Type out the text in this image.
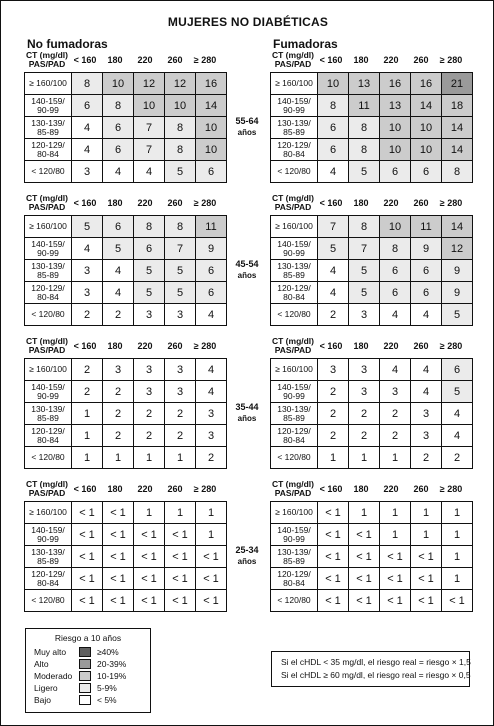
MUJERES NO DIABÉTICAS
No fumadoras	Fumadoras
CT (mg/dl)
PAS/PAD < 160	180	220	260	≥ 280
≥ 160/100	8	10	12	12	16

140-159/
90-99	6	8	10	10	14

130-139/
85-89	4	6	7	8	10

120-129/
80-84	4	6	7	8	10

< 120/80	3	4	4	5	6
CT (mg/dl)
PAS/PAD < 160	180	220	260	≥ 280
≥ 160/100	10	13	16	16	21

140-159/
90-99	8	11	13	14	18

130-139/
85-89	6	8	10	10	14

120-129/
80-84	6	8	10	10	14

< 120/80	4	5	6	6	8
55-64
años
CT (mg/dl)
PAS/PAD < 160	180	220	260	≥ 280
≥ 160/100	5	6	8	8	11

140-159/
90-99	4	5	6	7	9

130-139/
85-89	3	4	5	5	6

120-129/
80-84	3	4	5	5	6

< 120/80	2	2	3	3	4
CT (mg/dl)
PAS/PAD < 160	180	220	260	≥ 280
≥ 160/100	7	8	10	11	14

140-159/
90-99	5	7	8	9	12

130-139/
85-89	4	5	6	6	9

120-129/
80-84	4	5	6	6	9

< 120/80	2	3	4	4	5
45-54
años
CT (mg/dl)
PAS/PAD < 160	180	220	260	≥ 280
≥ 160/100	2	3	3	3	4

140-159/
90-99	2	2	3	3	4

130-139/
85-89	1	2	2	2	3

120-129/
80-84	1	2	2	2	3

< 120/80	1	1	1	1	2
CT (mg/dl)
PAS/PAD < 160	180	220	260	≥ 280
≥ 160/100	3	3	4	4	6

140-159/
90-99	2	3	3	4	5

130-139/
85-89	2	2	2	3	4

120-129/
80-84	2	2	2	3	4

< 120/80	1	1	1	2	2
35-44
años
CT (mg/dl)
PAS/PAD < 160	180	220	260	≥ 280
≥ 160/100	< 1	< 1	1	1	1

140-159/
90-99	< 1	< 1	< 1	< 1	1

130-139/
85-89	< 1	< 1	< 1	< 1	< 1

120-129/
80-84	< 1	< 1	< 1	< 1	< 1

< 120/80	< 1	< 1	< 1	< 1	< 1
CT (mg/dl)
PAS/PAD < 160	180	220	260	≥ 280
≥ 160/100	< 1	1	1	1	1

140-159/
90-99	< 1	< 1	1	1	1

130-139/
85-89	< 1	< 1	< 1	< 1	1

120-129/
80-84	< 1	< 1	< 1	< 1	1

< 120/80	< 1	< 1	< 1	< 1	< 1
25-34
años
Riesgo a 10 años
Muy alto	≥40%
Alto	20-39%
Moderado	10-19%
Ligero	5-9%
Bajo	< 5%
Si el cHDL < 35 mg/dl, el riesgo real = riesgo × 1,5
Si el cHDL ≥ 60 mg/dl, el riesgo real = riesgo × 0,5
